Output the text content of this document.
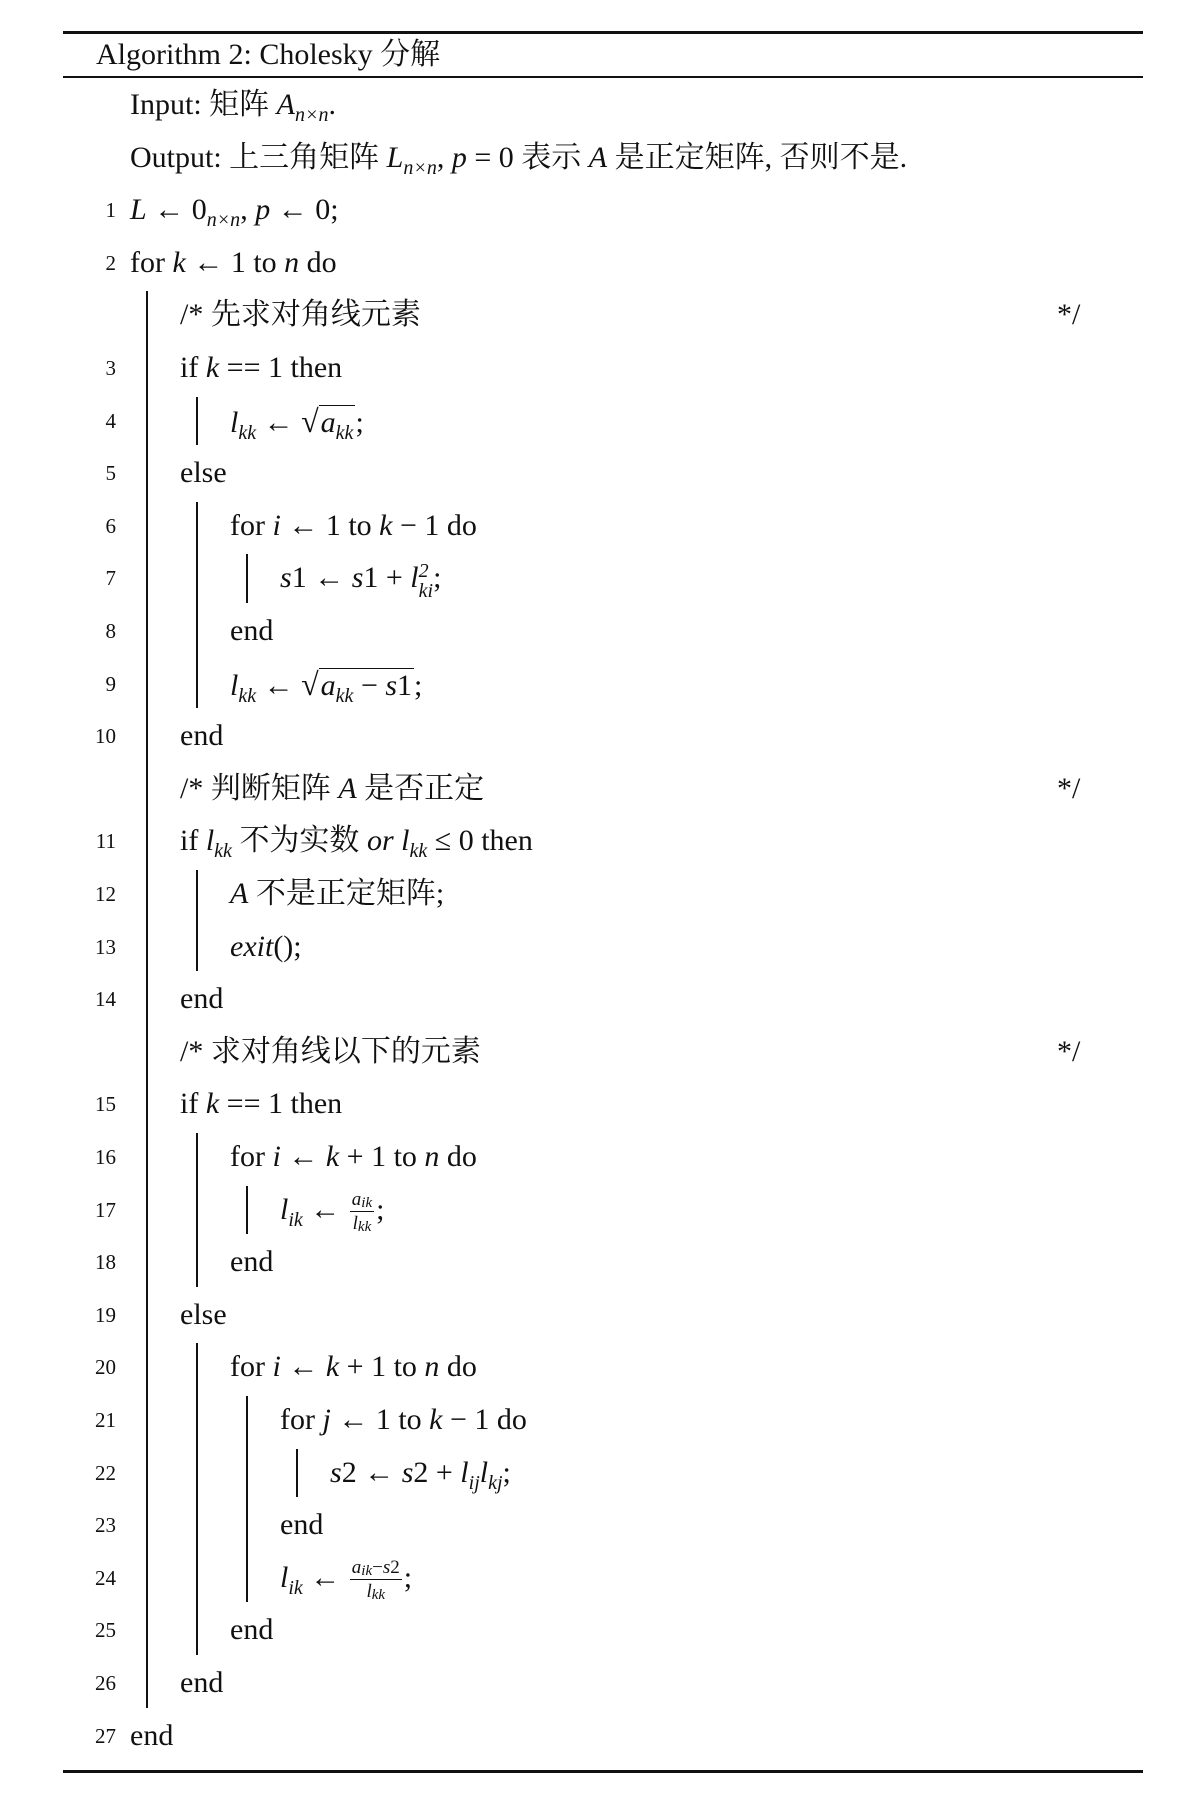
Algorithm 2: Cholesky 分解
Input: 矩阵 $A_{n\times n}$.
Output: 上三角矩阵 $L_{n\times n}$, p = 0 表示 A 是正定矩阵, 否则不是.
1 L ← $0_{n\times n}$, p ← 0;
2 for k ← 1 to n do
/* 先求对角线元素	*/
3 if k == 1 then
4	$l_{kk}$ ← $√a_{kk}$;
5 else
6	for i ← 1 to k − 1 do
7	s1 ← s1 + l 2
ki ;
8	end
9	$l_{kk}$ ← $√a_{kk} - s1$;
10 end
/* 判断矩阵 A 是否正定	*/
11 if $l_{kk}$ 不为实数 or $l_{kk} \le 0$ then
12	A 不是正定矩阵;
13	exit();
14 end
/* 求对角线以下的元素	*/
15 if k == 1 then
16	for i ← k + 1 to n do
17	$l_{ik}$ ← $\frac{\text{aik}}{\text{lkk}}$ ;
18	end
19 else
20	for i ← k + 1 to n do
21	for j ← 1 to k − 1 do
22	s2 ← $s2 + l_{ij}l_{kj}$;
23	end
24	$l_{ik}$ ← $\frac{\text{aik−s2}}{\text{lkk}}$ ;
25	end
26 end
27 end
